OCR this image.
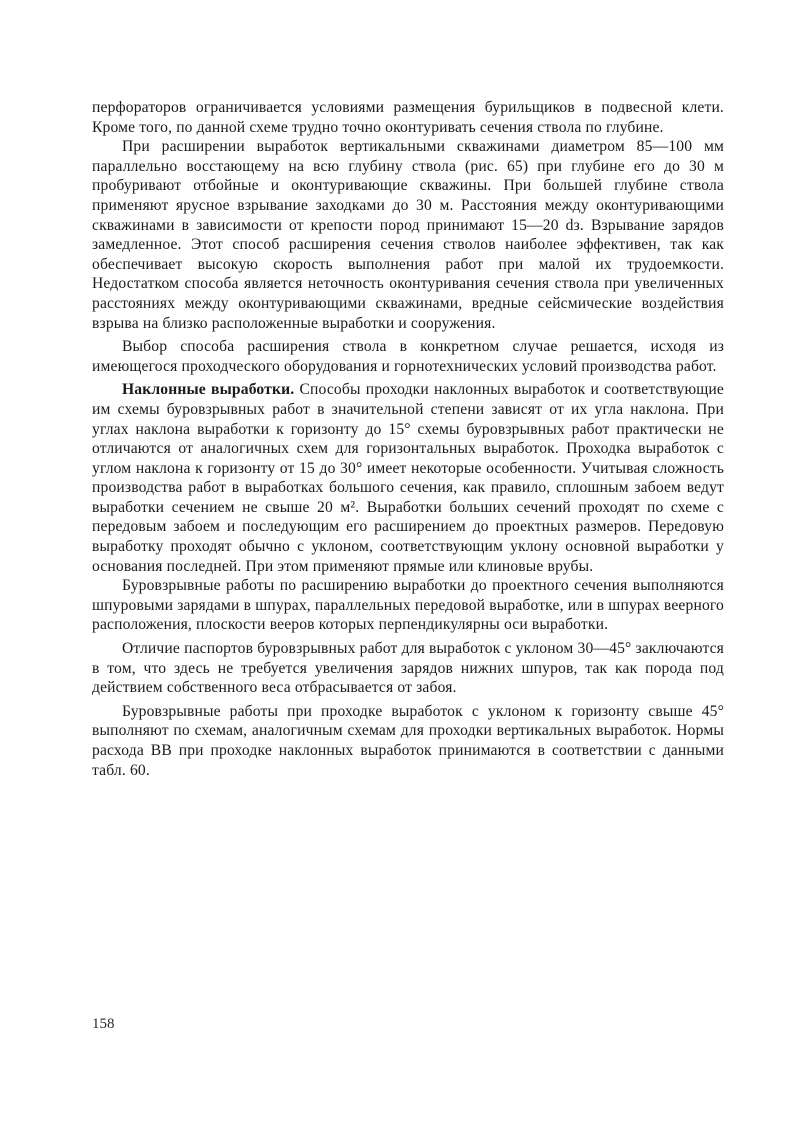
перфораторов ограничивается условиями размещения бурильщиков в подвесной клети. Кроме того, по данной схеме трудно точно оконтуривать сечения ствола по глубине.

При расширении выработок вертикальными скважинами диаметром 85—100 мм параллельно восстающему на всю глубину ствола (рис. 65) при глубине его до 30 м пробуривают отбойные и оконтуривающие скважины. При большей глубине ствола применяют ярусное взрывание заходками до 30 м. Расстояния между оконтуривающими скважинами в зависимости от крепости пород принимают 15—20 dз. Взрывание зарядов замедленное. Этот способ расширения сечения стволов наиболее эффективен, так как обеспечивает высокую скорость выполнения работ при малой их трудоемкости. Недостатком способа является неточность оконтуривания сечения ствола при увеличенных расстояниях между оконтуривающими скважинами, вредные сейсмические воздействия взрыва на близко расположенные выработки и сооружения.

Выбор способа расширения ствола в конкретном случае решается, исходя из имеющегося проходческого оборудования и горнотехнических условий производства работ.

Наклонные выработки. Способы проходки наклонных выработок и соответствующие им схемы буровзрывных работ в значительной степени зависят от их угла наклона. При углах наклона выработки к горизонту до 15° схемы буровзрывных работ практически не отличаются от аналогичных схем для горизонтальных выработок. Проходка выработок с углом наклона к горизонту от 15 до 30° имеет некоторые особенности. Учитывая сложность производства работ в выработках большого сечения, как правило, сплошным забоем ведут выработки сечением не свыше 20 м². Выработки больших сечений проходят по схеме с передовым забоем и последующим его расширением до проектных размеров. Передовую выработку проходят обычно с уклоном, соответствующим уклону основной выработки у основания последней. При этом применяют прямые или клиновые врубы.

Буровзрывные работы по расширению выработки до проектного сечения выполняются шпуровыми зарядами в шпурах, параллельных передовой выработке, или в шпурах веерного расположения, плоскости вееров которых перпендикулярны оси выработки.

Отличие паспортов буровзрывных работ для выработок с уклоном 30—45° заключаются в том, что здесь не требуется увеличения зарядов нижних шпуров, так как порода под действием собственного веса отбрасывается от забоя.

Буровзрывные работы при проходке выработок с уклоном к горизонту свыше 45° выполняют по схемам, аналогичным схемам для проходки вертикальных выработок. Нормы расхода ВВ при проходке наклонных выработок принимаются в соответствии с данными табл. 60.

158
